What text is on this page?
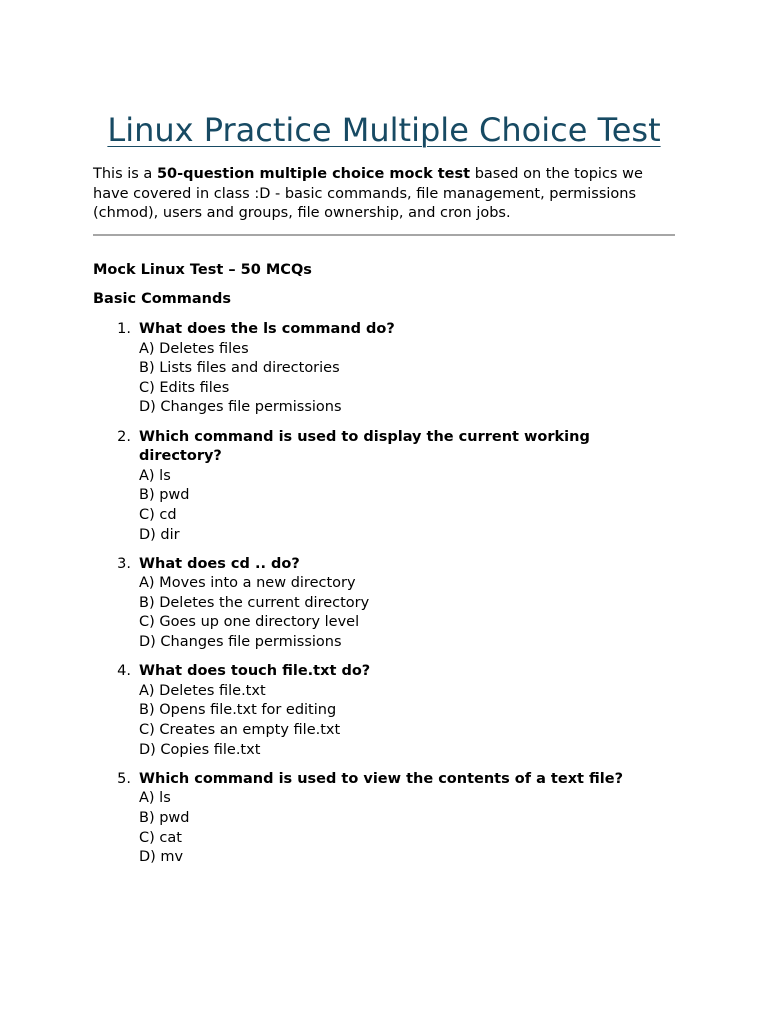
Linux Practice Multiple Choice Test

This is a 50-question multiple choice mock test based on the topics we have covered in class :D - basic commands, file management, permissions (chmod), users and groups, file ownership, and cron jobs.

Mock Linux Test – 50 MCQs

Basic Commands

1. What does the ls command do?
A) Deletes files
B) Lists files and directories
C) Edits files
D) Changes file permissions
2. Which command is used to display the current working directory?
A) ls
B) pwd
C) cd
D) dir
3. What does cd .. do?
A) Moves into a new directory
B) Deletes the current directory
C) Goes up one directory level
D) Changes file permissions
4. What does touch file.txt do?
A) Deletes file.txt
B) Opens file.txt for editing
C) Creates an empty file.txt
D) Copies file.txt
5. Which command is used to view the contents of a text file?
A) ls
B) pwd
C) cat
D) mv
